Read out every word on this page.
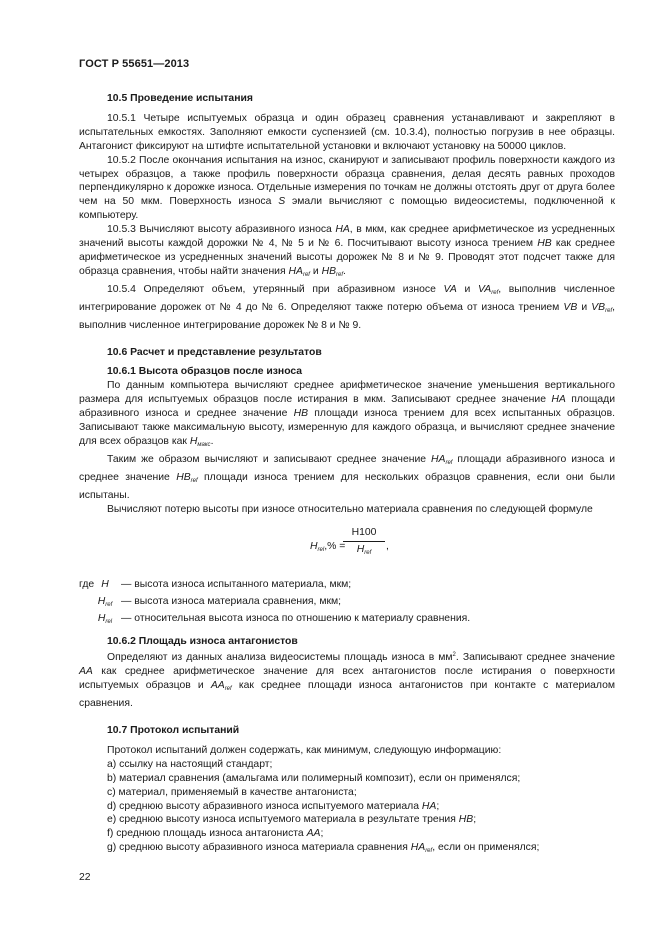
ГОСТ Р 55651—2013

10.5 Проведение испытания

10.5.1 Четыре испытуемых образца и один образец сравнения устанавливают и закрепляют в испытательных емкостях. Заполняют емкости суспензией (см. 10.3.4), полностью погрузив в нее образцы. Антагонист фиксируют на штифте испытательной установки и включают установку на 50000 циклов.

10.5.2 После окончания испытания на износ, сканируют и записывают профиль поверхности каждого из четырех образцов, а также профиль поверхности образца сравнения, делая десять равных проходов перпендикулярно к дорожке износа. Отдельные измерения по точкам не должны отстоять друг от друга более чем на 50 мкм. Поверхность износа S эмали вычисляют с помощью видеосистемы, подключенной к компьютеру.

10.5.3 Вычисляют высоту абразивного износа HA, в мкм, как среднее арифметическое из усредненных значений высоты каждой дорожки № 4, № 5 и № 6. Посчитывают высоту износа трением HB как среднее арифметическое из усредненных значений высоты дорожек № 8 и № 9. Проводят этот подсчет также для образца сравнения, чтобы найти значения $HA_{ref}$ и $HB_{ref}$.

10.5.4 Определяют объем, утерянный при абразивном износе VA и $VA_{ref}$, выполнив численное интегрирование дорожек от № 4 до № 6. Определяют также потерю объема от износа трением VB и $VB_{ref}$, выполнив численное интегрирование дорожек № 8 и № 9.

10.6 Расчет и представление результатов

10.6.1 Высота образцов после износа

По данным компьютера вычисляют среднее арифметическое значение уменьшения вертикального размера для испытуемых образцов после истирания в мкм. Записывают среднее значение HA площади абразивного износа и среднее значение HB площади износа трением для всех испытанных образцов. Записывают также максимальную высоту, измеренную для каждого образца, и вычисляют среднее значение для всех образцов как $H_{макс}$.

Таким же образом вычисляют и записывают среднее значение $HA_{ref}$ площади абразивного износа и среднее значение $HB_{ref}$ площади износа трением для нескольких образцов сравнения, если они были испытаны.

Вычисляют потерю высоты при износе относительно материала сравнения по следующей формуле

$H_{rel},\%$ =
H100
$H_{ref}$
,
где H	— высота износа испытанного материала, мкм;
$H_{ref}$ — высота износа материала сравнения, мкм;
$H_{rel}$ — относительная высота износа по отношению к материалу сравнения.

10.6.2 Площадь износа антагонистов

Определяют из данных анализа видеосистемы площадь износа в $мм^2$. Записывают среднее значение AA как среднее арифметическое значение для всех антагонистов после истирания о поверхности испытуемых образцов и $AA_{ref}$ как среднее площади износа антагонистов при контакте с материалом сравнения.

10.7 Протокол испытаний

Протокол испытаний должен содержать, как минимум, следующую информацию:

а) ссылку на настоящий стандарт;

b) материал сравнения (амальгама или полимерный композит), если он применялся;

c) материал, применяемый в качестве антагониста;

d) среднюю высоту абразивного износа испытуемого материала HA;

e) среднюю высоту износа испытуемого материала в результате трения HB;

f) среднюю площадь износа антагониста AA;

g) среднюю высоту абразивного износа материала сравнения $HA_{ref}$, если он применялся;

22
